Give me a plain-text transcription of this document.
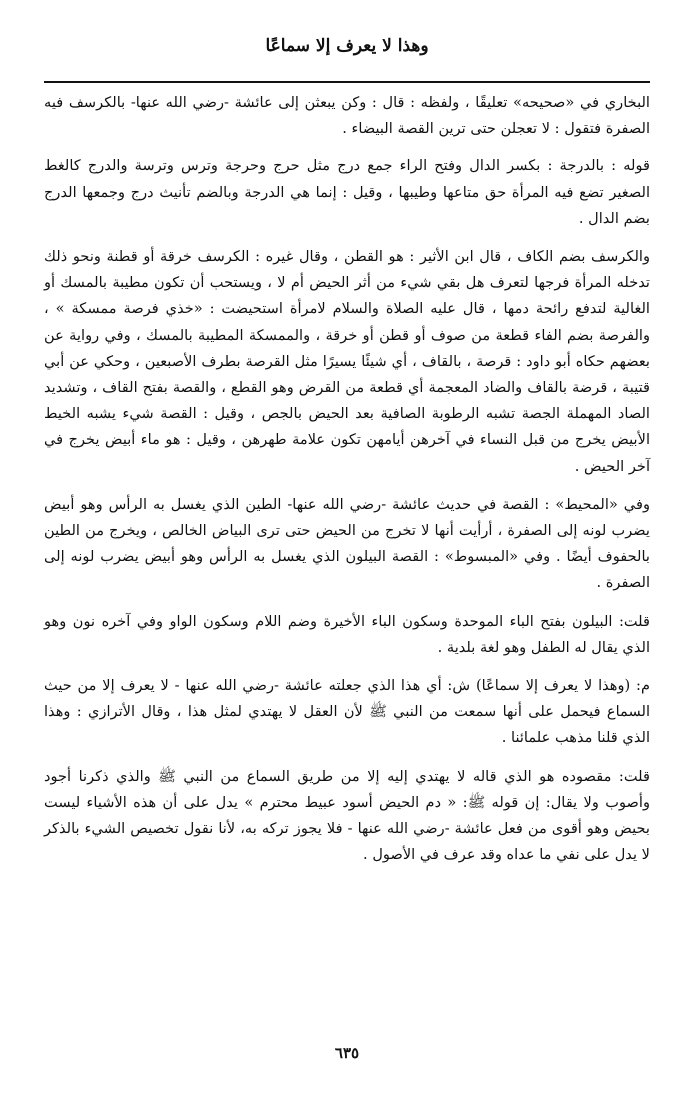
وهذا لا يعرف إلا سماعًا

البخاري في «صحيحه» تعليقًا ، ولفظه : قال : وكن يبعثن إلى عائشة -رضي الله عنها- بالكرسف فيه الصفرة فتقول : لا تعجلن حتى ترين القصة البيضاء .

قوله : بالدرجة : بكسر الدال وفتح الراء جمع درج مثل حرج وحرجة وترس وترسة والدرج كالغط الصغير تضع فيه المرأة حق متاعها وطيبها ، وقيل : إنما هي الدرجة وبالضم تأنيث درج وجمعها الدرج بضم الدال .

والكرسف بضم الكاف ، قال ابن الأثير : هو القطن ، وقال غيره : الكرسف خرقة أو قطنة ونحو ذلك تدخله المرأة فرجها لتعرف هل بقي شيء من أثر الحيض أم لا ، ويستحب أن تكون مطيبة بالمسك أو الغالية لتدفع رائحة دمها ، قال عليه الصلاة والسلام لامرأة استحيضت : «خذي فرصة ممسكة » ، والفرصة بضم الفاء قطعة من صوف أو قطن أو خرقة ، والممسكة المطيبة بالمسك ، وفي رواية عن بعضهم حكاه أبو داود : قرصة ، بالقاف ، أي شيئًا يسيرًا مثل القرصة بطرف الأصبعين ، وحكي عن أبي قتيبة ، قرضة بالقاف والضاد المعجمة أي قطعة من القرض وهو القطع ، والقصة بفتح القاف ، وتشديد الصاد المهملة الجصة تشبه الرطوبة الصافية بعد الحيض بالجص ، وقيل : القصة شيء يشبه الخيط الأبيض يخرج من قبل النساء في آخرهن أيامهن تكون علامة طهرهن ، وقيل : هو ماء أبيض يخرج في آخر الحيض .

وفي «المحيط» : القصة في حديث عائشة -رضي الله عنها- الطين الذي يغسل به الرأس وهو أبيض يضرب لونه إلى الصفرة ، أرأيت أنها لا تخرج من الحيض حتى ترى البياض الخالص ، ويخرج من الطين بالحفوف أيضًا . وفي «المبسوط» : القصة البيلون الذي يغسل به الرأس وهو أبيض يضرب لونه إلى الصفرة .

قلت: البيلون بفتح الباء الموحدة وسكون الباء الأخيرة وضم اللام وسكون الواو وفي آخره نون وهو الذي يقال له الطفل وهو لغة بلدية .

م: (وهذا لا يعرف إلا سماعًا) ش: أي هذا الذي جعلته عائشة -رضي الله عنها - لا يعرف إلا من حيث السماع فيحمل على أنها سمعت من النبي ﷺ لأن العقل لا يهتدي لمثل هذا ، وقال الأترازي : وهذا الذي قلنا مذهب علمائنا .

قلت: مقصوده هو الذي قاله لا يهتدي إليه إلا من طريق السماع من النبي ﷺ والذي ذكرنا أجود وأصوب ولا يقال: إن قوله ﷺ: « دم الحيض أسود عبيط محترم » يدل على أن هذه الأشياء ليست بحيض وهو أقوى من فعل عائشة -رضي الله عنها - فلا يجوز تركه به، لأنا نقول تخصيص الشيء بالذكر لا يدل على نفي ما عداه وقد عرف في الأصول .

٦٣٥
